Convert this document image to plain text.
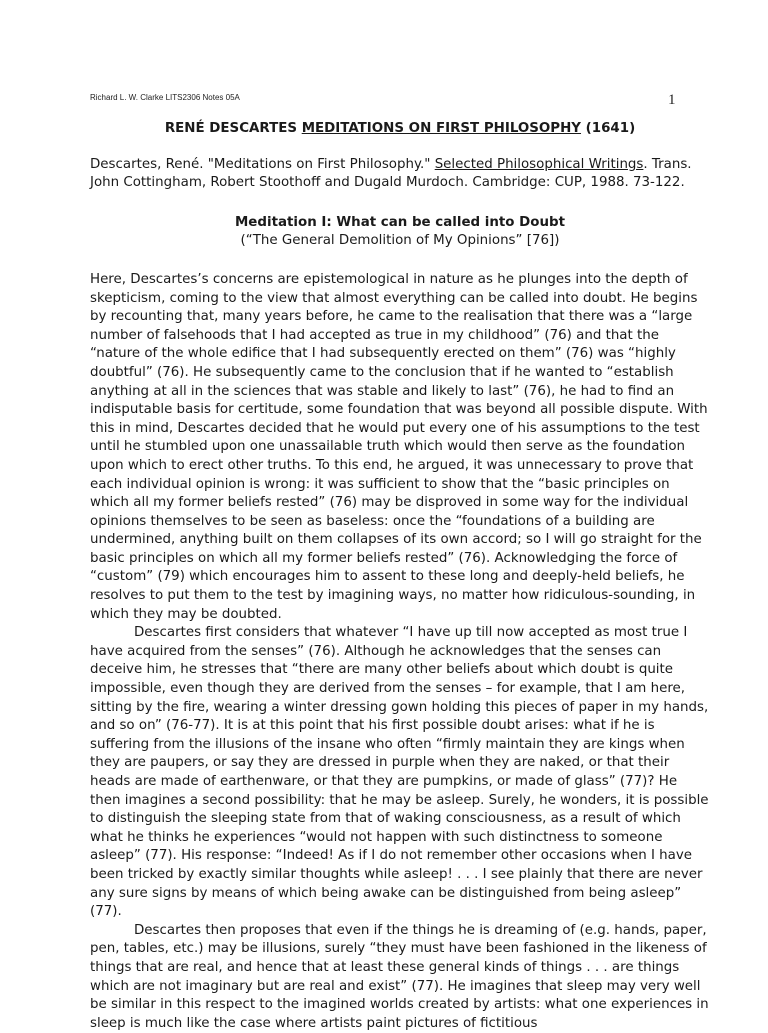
Richard L. W. Clarke LITS2306 Notes 05A	1

RENÉ DESCARTES MEDITATIONS ON FIRST PHILOSOPHY (1641)

Descartes, René. "Meditations on First Philosophy." Selected Philosophical Writings. Trans. John Cottingham, Robert Stoothoff and Dugald Murdoch. Cambridge: CUP, 1988. 73-122.

Meditation I: What can be called into Doubt

(“The General Demolition of My Opinions” [76])

Here, Descartes’s concerns are epistemological in nature as he plunges into the depth of skepticism, coming to the view that almost everything can be called into doubt. He begins by recounting that, many years before, he came to the realisation that there was a “large number of falsehoods that I had accepted as true in my childhood” (76) and that the “nature of the whole edifice that I had subsequently erected on them” (76) was “highly doubtful” (76). He subsequently came to the conclusion that if he wanted to “establish anything at all in the sciences that was stable and likely to last” (76), he had to find an indisputable basis for certitude, some foundation that was beyond all possible dispute. With this in mind, Descartes decided that he would put every one of his assumptions to the test until he stumbled upon one unassailable truth which would then serve as the foundation upon which to erect other truths. To this end, he argued, it was unnecessary to prove that each individual opinion is wrong: it was sufficient to show that the “basic principles on which all my former beliefs rested” (76) may be disproved in some way for the individual opinions themselves to be seen as baseless: once the “foundations of a building are undermined, anything built on them collapses of its own accord; so I will go straight for the basic principles on which all my former beliefs rested” (76). Acknowledging the force of “custom” (79) which encourages him to assent to these long and deeply-held beliefs, he resolves to put them to the test by imagining ways, no matter how ridiculous-sounding, in which they may be doubted.

Descartes first considers that whatever “I have up till now accepted as most true I have acquired from the senses” (76). Although he acknowledges that the senses can deceive him, he stresses that “there are many other beliefs about which doubt is quite impossible, even though they are derived from the senses – for example, that I am here, sitting by the fire, wearing a winter dressing gown holding this pieces of paper in my hands, and so on” (76-77). It is at this point that his first possible doubt arises: what if he is suffering from the illusions of the insane who often “firmly maintain they are kings when they are paupers, or say they are dressed in purple when they are naked, or that their heads are made of earthenware, or that they are pumpkins, or made of glass” (77)? He then imagines a second possibility: that he may be asleep. Surely, he wonders, it is possible to distinguish the sleeping state from that of waking consciousness, as a result of which what he thinks he experiences “would not happen with such distinctness to someone asleep” (77). His response: “Indeed! As if I do not remember other occasions when I have been tricked by exactly similar thoughts while asleep! . . . I see plainly that there are never any sure signs by means of which being awake can be distinguished from being asleep” (77).

Descartes then proposes that even if the things he is dreaming of (e.g. hands, paper, pen, tables, etc.) may be illusions, surely “they must have been fashioned in the likeness of things that are real, and hence that at least these general kinds of things . . . are things which are not imaginary but are real and exist” (77). He imagines that sleep may very well be similar in this respect to the imagined worlds created by artists: what one experiences in sleep is much like the case where artists paint pictures of fictitious
